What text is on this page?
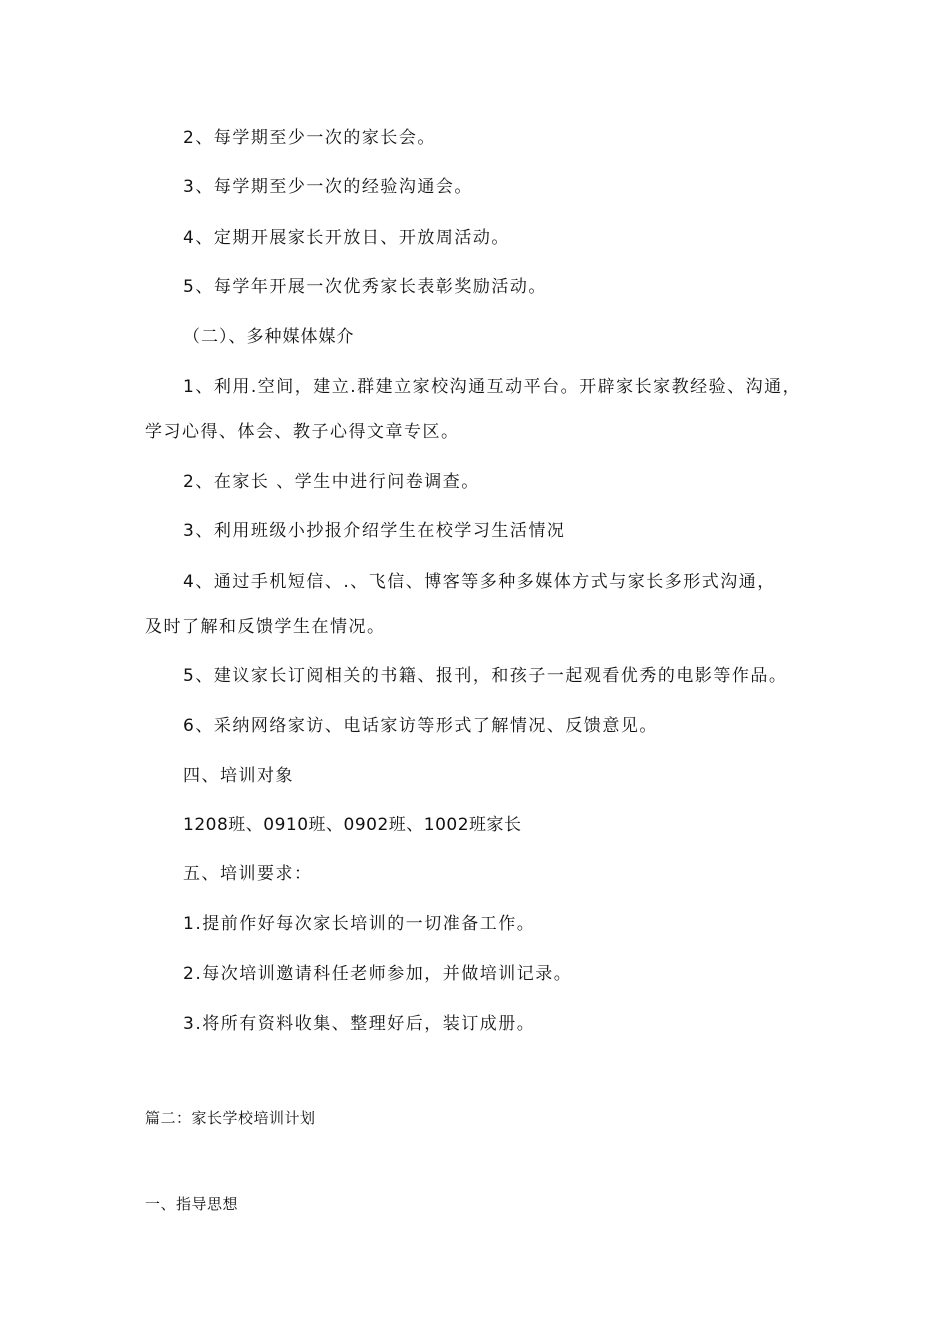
2、每学期至少一次的家长会。
3、每学期至少一次的经验沟通会。
4、定期开展家长开放日、开放周活动。
5、每学年开展一次优秀家长表彰奖励活动。
（二）、多种媒体媒介
1、利用.空间，建立.群建立家校沟通互动平台。开辟家长家教经验、沟通，
学习心得、体会、教子心得文章专区。
2、在家长 、学生中进行问卷调查。
3、利用班级小抄报介绍学生在校学习生活情况
4、通过手机短信、.、飞信、博客等多种多媒体方式与家长多形式沟通，
及时了解和反馈学生在情况。
5、建议家长订阅相关的书籍、报刊，和孩子一起观看优秀的电影等作品。
6、采纳网络家访、电话家访等形式了解情况、反馈意见。
四、培训对象
1208班、0910班、0902班、1002班家长
五、培训要求：
1.提前作好每次家长培训的一切准备工作。
2.每次培训邀请科任老师参加，并做培训记录。
3.将所有资料收集、整理好后，装订成册。
篇二：家长学校培训计划
一、指导思想
